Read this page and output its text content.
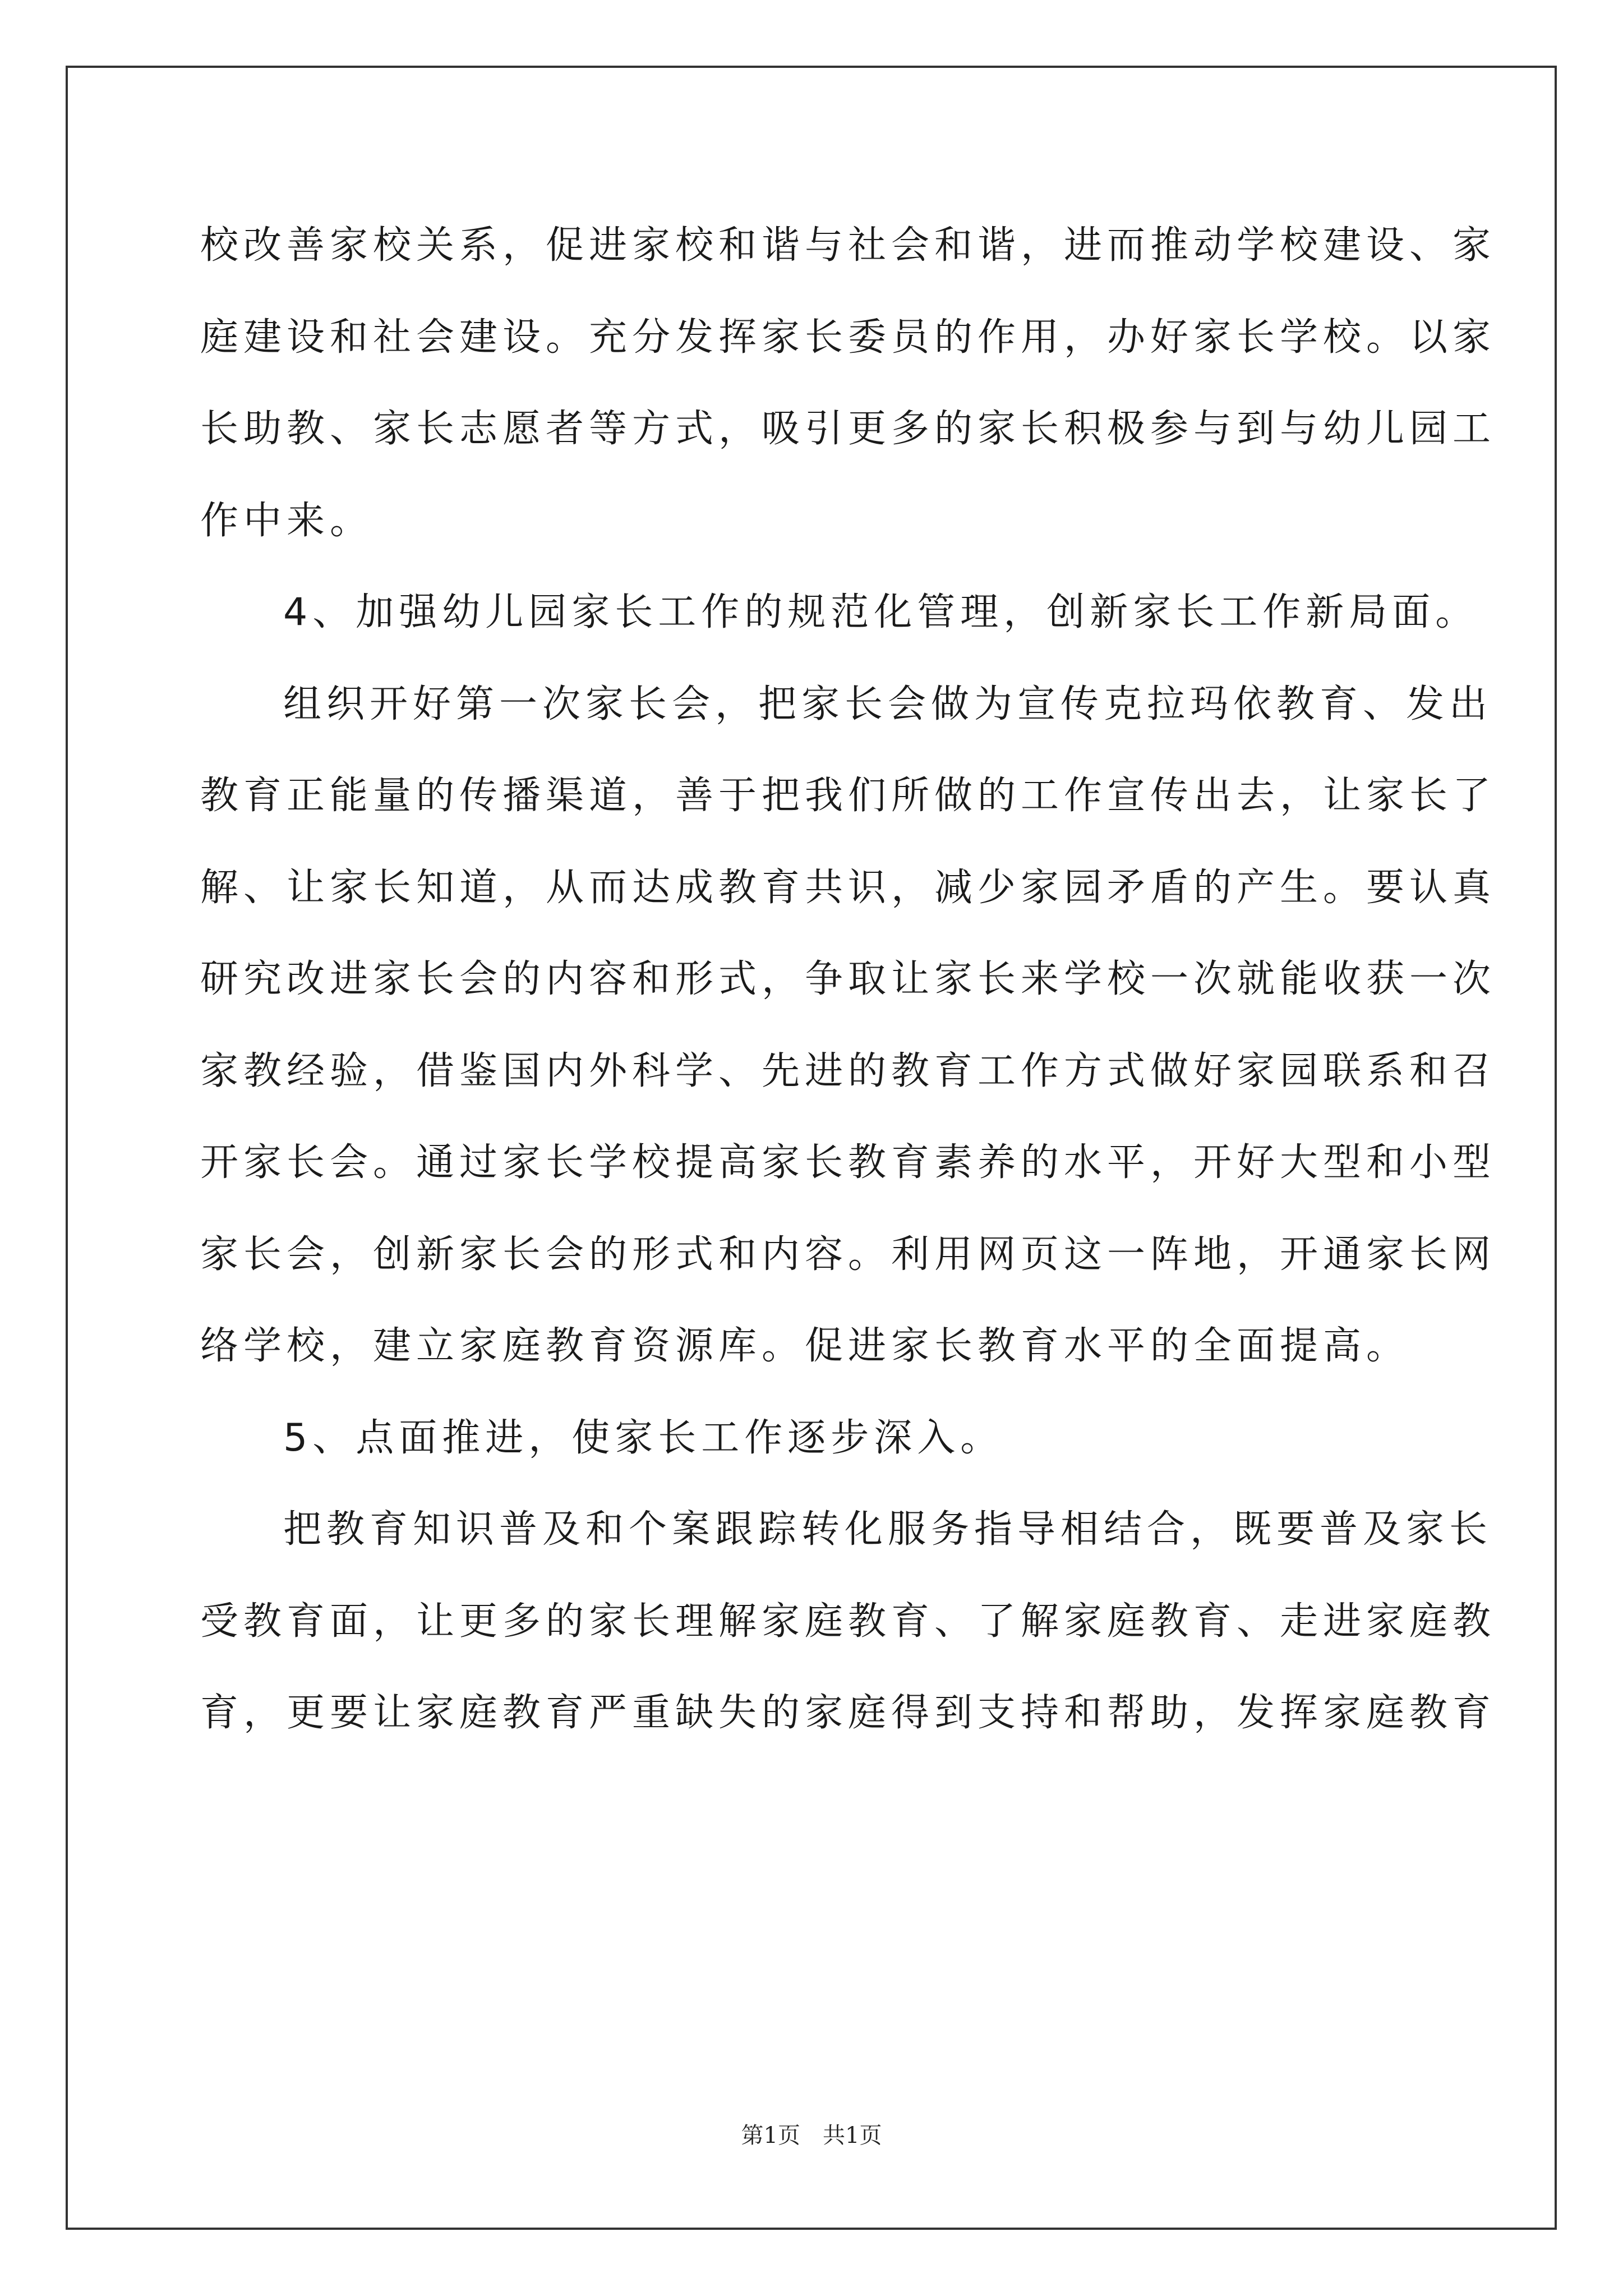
校改善家校关系，促进家校和谐与社会和谐，进而推动学校建设、家
庭建设和社会建设。充分发挥家长委员的作用，办好家长学校。以家
长助教、家长志愿者等方式，吸引更多的家长积极参与到与幼儿园工
作中来。
4、加强幼儿园家长工作的规范化管理，创新家长工作新局面。
组织开好第一次家长会，把家长会做为宣传克拉玛依教育、发出
教育正能量的传播渠道，善于把我们所做的工作宣传出去，让家长了
解、让家长知道，从而达成教育共识，减少家园矛盾的产生。要认真
研究改进家长会的内容和形式，争取让家长来学校一次就能收获一次
家教经验，借鉴国内外科学、先进的教育工作方式做好家园联系和召
开家长会。通过家长学校提高家长教育素养的水平，开好大型和小型
家长会，创新家长会的形式和内容。利用网页这一阵地，开通家长网
络学校，建立家庭教育资源库。促进家长教育水平的全面提高。
5、点面推进，使家长工作逐步深入。
把教育知识普及和个案跟踪转化服务指导相结合，既要普及家长
受教育面，让更多的家长理解家庭教育、了解家庭教育、走进家庭教
育，更要让家庭教育严重缺失的家庭得到支持和帮助，发挥家庭教育
第1页　共1页
